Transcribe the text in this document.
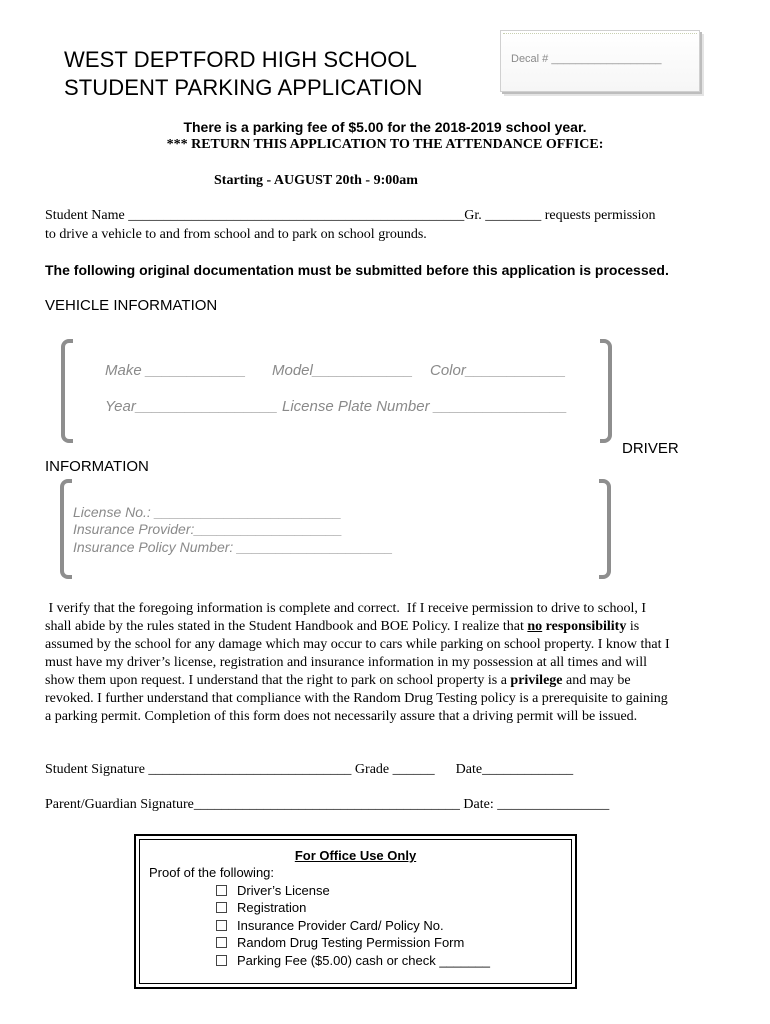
WEST DEPTFORD HIGH SCHOOL
STUDENT PARKING APPLICATION
Decal # __________________
There is a parking fee of $5.00 for the 2018-2019 school year.
*** RETURN THIS APPLICATION TO THE ATTENDANCE OFFICE:
Starting - AUGUST 20th - 9:00am
Student Name ________________________________________________Gr. ________ requests permission
to drive a vehicle to and from school and to park on school grounds.
The following original documentation must be submitted before this application is processed.
VEHICLE INFORMATION
Make ____________ Model____________ Color____________
Year_________________ License Plate Number ________________
DRIVER
INFORMATION
License No.: ________________________
Insurance Provider:___________________
Insurance Policy Number: ____________________

I verify that the foregoing information is complete and correct.  If I receive permission to drive to school, I

shall abide by the rules stated in the Student Handbook and BOE Policy. I realize that no responsibility is

assumed by the school for any damage which may occur to cars while parking on school property. I know that I

must have my driver’s license, registration and insurance information in my possession at all times and will

show them upon request. I understand that the right to park on school property is a privilege and may be

revoked. I further understand that compliance with the Random Drug Testing policy is a prerequisite to gaining

a parking permit. Completion of this form does not necessarily assure that a driving permit will be issued.

Student Signature _____________________________ Grade ______      Date_____________
Parent/Guardian Signature______________________________________ Date: ________________
For Office Use Only
Proof of the following:
Driver’s License
Registration
Insurance Provider Card/ Policy No.
Random Drug Testing Permission Form
Parking Fee ($5.00) cash or check _______
